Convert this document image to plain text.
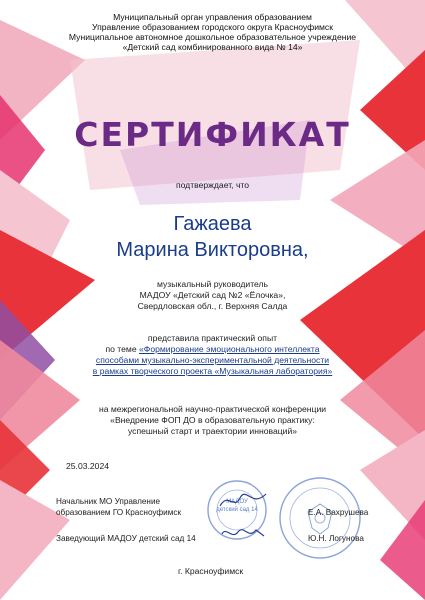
Муниципальный орган управления образованием
Управление образованием городского округа Красноуфимск
Муниципальное автономное дошкольное образовательное учреждение
«Детский сад комбинированного вида № 14»
СЕРТИФИКАТ
подтверждает, что
Гажаева
Марина Викторовна,
музыкальный руководитель
МАДОУ «Детский сад №2 «Ёлочка»,
Свердловская обл., г. Верхняя Салда
представила практический опыт
по теме «Формирование эмоционального интеллекта
способами музыкально-экспериментальной деятельности
в рамках творческого проекта «Музыкальная лаборатория»
на межрегиональной научно-практической конференции
«Внедрение ФОП ДО в образовательную практику:
успешный старт и траектории инноваций»
25.03.2024
МАДОУ
детский сад 14
Начальник МО Управление
образованием ГО Красноуфимск
Заведующий МАДОУ детский сад 14
Е.А. Вахрушева
Ю.Н. Логунова
г. Красноуфимск
